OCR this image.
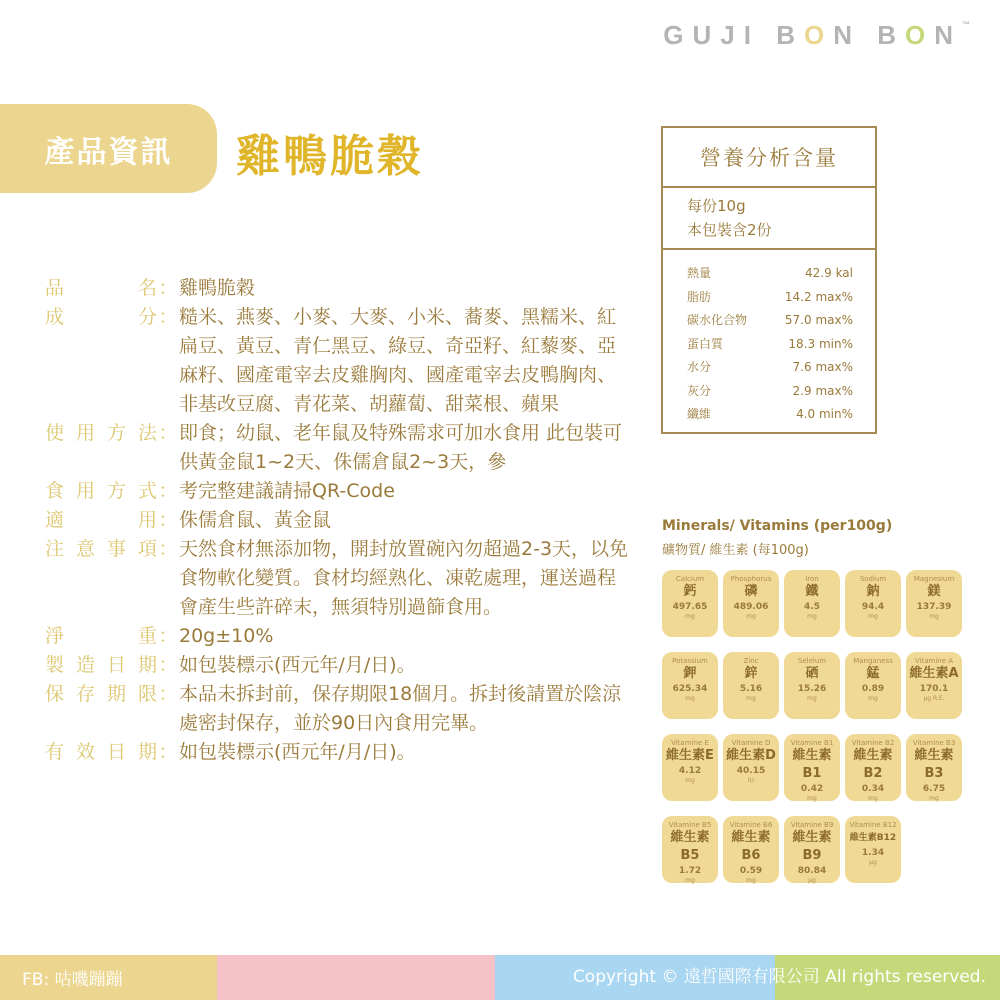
GUJI BON BON™
產品資訊	雞鴨脆穀
品名 ： 雞鴨脆穀
成分 ： 糙米、燕麥、小麥、大麥、小米、蕎麥、黑糯米、紅扁豆、黃豆、青仁黑豆、綠豆、奇亞籽、紅藜麥、亞麻籽、國產電宰去皮雞胸肉、國產電宰去皮鴨胸肉、非基改豆腐、青花菜、胡蘿蔔、甜菜根、蘋果
使用方法 ： 即食；幼鼠、老年鼠及特殊需求可加水食用 此包裝可供黃金鼠1~2天、侏儒倉鼠2~3天，參
食用方式 ： 考完整建議請掃QR-Code
適用 ： 侏儒倉鼠、黃金鼠
注意事項 ： 天然食材無添加物，開封放置碗內勿超過2-3天，以免食物軟化變質。食材均經熟化、凍乾處理，運送過程會產生些許碎末，無須特別過篩食用。
淨重 ： 20g±10%
製造日期 ： 如包裝標示(西元年/月/日)。
保存期限 ： 本品未拆封前，保存期限18個月。拆封後請置於陰涼處密封保存，並於90日內食用完畢。
有效日期 ： 如包裝標示(西元年/月/日)。
營養分析含量
每份10g
本包裝含2份
熱量	42.9 kal
脂肪	14.2 max%
碳水化合物	57.0 max%
蛋白質	18.3 min%
水分	7.6 max%
灰分	2.9 max%
纖維	4.0 min%
Minerals/ Vitamins (per100g)
礦物質/ 維生素 (每100g)
Calcium
鈣
497.65
mg
Phosphorus
磷
489.06
mg
Iron
鐵
4.5
mg
Sodium
鈉
94.4
mg
Magnesium
鎂
137.39
mg
Potassium
鉀
625.34
mg
Zinc
鋅
5.16
mg
Selelum
硒
15.26
mg
Manganess
錳
0.89
mg
Vitamine A
維生素A
170.1
μg R.E.
Vitamine E
維生素E
4.12
mg
Vitamine D
維生素D
40.15
IU
Vitamine B1
維生素B1
0.42
mg
Vitamine B2
維生素B2
0.34
mg
Vitamine B3
維生素B3
6.75
mg
Vitamine B5
維生素B5
1.72
mg
Vitamine B6
維生素B6
0.59
mg
Vitamine B9
維生素B9
80.84
μg
Vitamine B12
維生素B12
1.34
μg
FB: 咕嘰蹦蹦	Copyright © 遠哲國際有限公司 All rights reserved.
